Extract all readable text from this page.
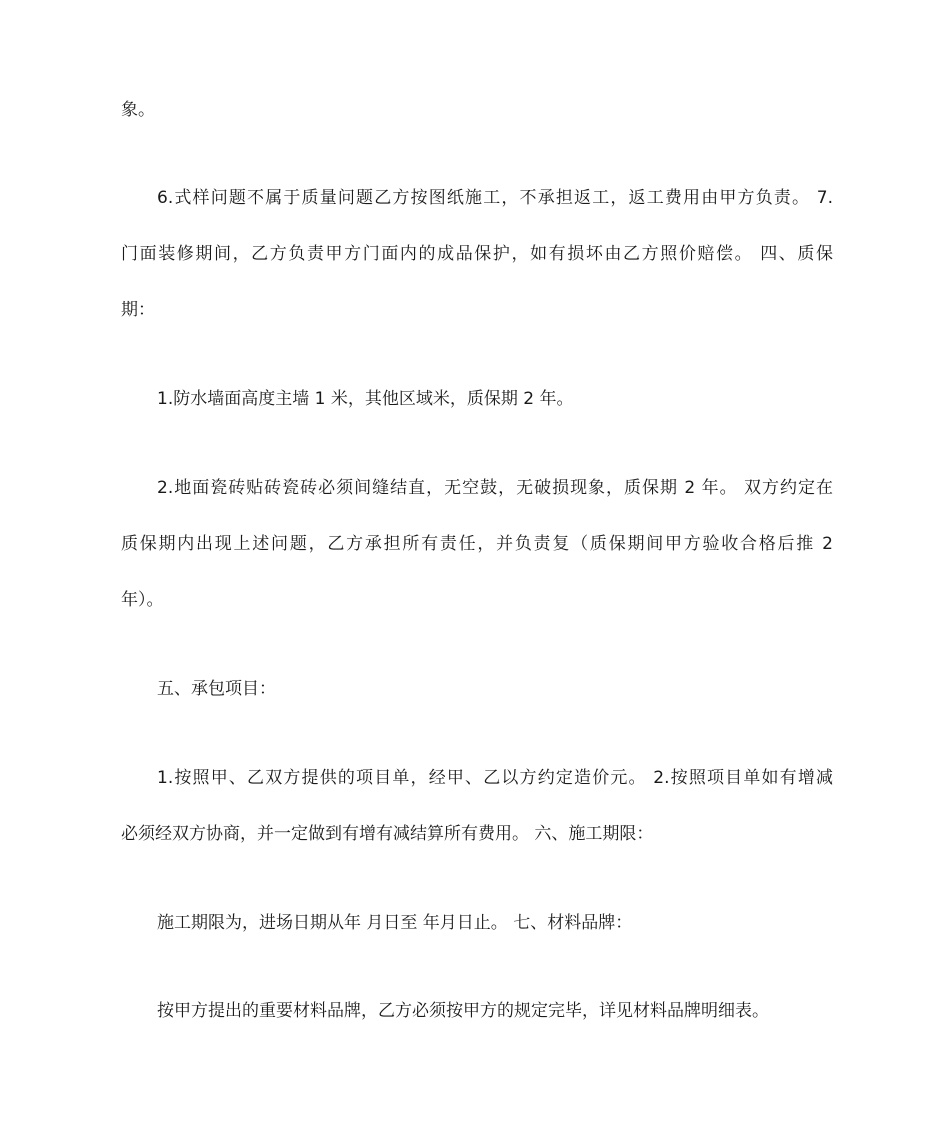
象。
6.式样问题不属于质量问题乙方按图纸施工，不承担返工，返工费用由甲方负责。 7.
门面装修期间，乙方负责甲方门面内的成品保护，如有损坏由乙方照价赔偿。 四、质保
期：
1.防水墙面高度主墙 1 米，其他区域米，质保期 2 年。
2.地面瓷砖贴砖瓷砖必须间缝结直，无空鼓，无破损现象，质保期 2 年。 双方约定在
质保期内出现上述问题，乙方承担所有责任，并负责复（质保期间甲方验收合格后推 2
年）。
五、承包项目：
1.按照甲、乙双方提供的项目单，经甲、乙以方约定造价元。 2.按照项目单如有增减
必须经双方协商，并一定做到有增有减结算所有费用。 六、施工期限：
施工期限为，进场日期从年 月日至 年月日止。 七、材料品牌：
按甲方提出的重要材料品牌，乙方必须按甲方的规定完毕，详见材料品牌明细表。
